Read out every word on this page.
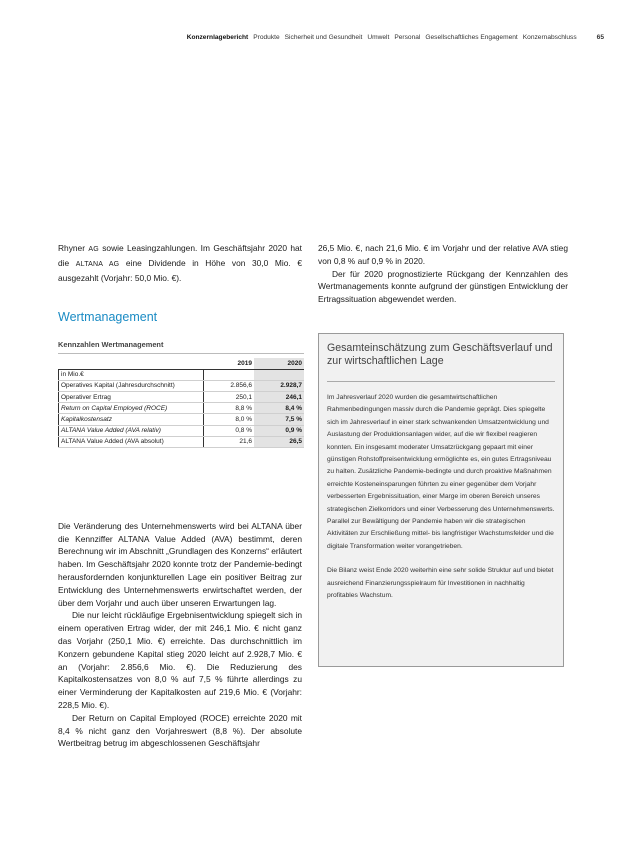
Konzernlagebericht Produkte Sicherheit und Gesundheit Umwelt Personal Gesellschaftliches Engagement Konzernabschluss	65

Rhyner AG sowie Leasingzahlungen. Im Geschäftsjahr 2020 hat die ALTANA AG eine Dividende in Höhe von 30,0 Mio. € ausgezahlt (Vorjahr: 50,0 Mio. €).

Wertmanagement
Kennzahlen Wertmanagement
	2019	2020
in Mio.€		
Operatives Kapital (Jahresdurchschnitt)	2.856,6	2.928,7
Operativer Ertrag	250,1	246,1
Return on Capital Employed (ROCE)	8,8 %	8,4 %
Kapitalkostensatz	8,0 %	7,5 %
ALTANA Value Added (AVA relativ)	0,8 %	0,9 %
ALTANA Value Added (AVA absolut)	21,6	26,5

Die Veränderung des Unternehmenswerts wird bei ALTANA über die Kennziffer ALTANA Value Added (AVA) bestimmt, deren Berechnung wir im Abschnitt „Grundlagen des Konzerns“ erläutert haben. Im Geschäftsjahr 2020 konnte trotz der Pandemie-bedingt herausfordernden konjunkturellen Lage ein positiver Beitrag zur Entwicklung des Unternehmenswerts erwirtschaftet werden, der über dem Vorjahr und auch über unseren Erwartungen lag.

Die nur leicht rückläufige Ergebnisentwicklung spiegelt sich in einem operativen Ertrag wider, der mit 246,1 Mio. € nicht ganz das Vorjahr (250,1 Mio. €) erreichte. Das durchschnittlich im Konzern gebundene Kapital stieg 2020 leicht auf 2.928,7 Mio. € an (Vorjahr: 2.856,6 Mio. €). Die Reduzierung des Kapitalkostensatzes von 8,0 % auf 7,5 % führte allerdings zu einer Verminderung der Kapitalkosten auf 219,6 Mio. € (Vorjahr: 228,5 Mio. €).

Der Return on Capital Employed (ROCE) erreichte 2020 mit 8,4 % nicht ganz den Vorjahreswert (8,8 %). Der absolute Wertbeitrag betrug im abgeschlossenen Geschäftsjahr

26,5 Mio. €, nach 21,6 Mio. € im Vorjahr und der relative AVA stieg von 0,8 % auf 0,9 % in 2020.

Der für 2020 prognostizierte Rückgang der Kennzahlen des Wertmanagements konnte aufgrund der günstigen Entwicklung der Ertragssituation abgewendet werden.

Gesamteinschätzung zum Geschäftsverlauf und zur wirtschaftlichen Lage

Im Jahresverlauf 2020 wurden die gesamtwirtschaftlichen Rahmenbedingungen massiv durch die Pandemie geprägt. Dies spiegelte sich im Jahresverlauf in einer stark schwankenden Umsatzentwicklung und Auslastung der Produktionsanlagen wider, auf die wir flexibel reagieren konnten. Ein insgesamt moderater Umsatzrückgang gepaart mit einer günstigen Rohstoffpreisentwicklung ermöglichte es, ein gutes Ertragsniveau zu halten. Zusätzliche Pandemie-bedingte und durch proaktive Maßnahmen erreichte Kosteneinsparungen führten zu einer gegenüber dem Vorjahr verbesserten Ergebnissituation, einer Marge im oberen Bereich unseres strategischen Zielkorridors und einer Verbesserung des Unternehmenswerts. Parallel zur Bewältigung der Pandemie haben wir die strategischen Aktivitäten zur Erschließung mittel- bis langfristiger Wachstumsfelder und die digitale Transformation weiter vorangetrieben.

Die Bilanz weist Ende 2020 weiterhin eine sehr solide Struktur auf und bietet ausreichend Finanzierungsspielraum für Investitionen in nachhaltig profitables Wachstum.
